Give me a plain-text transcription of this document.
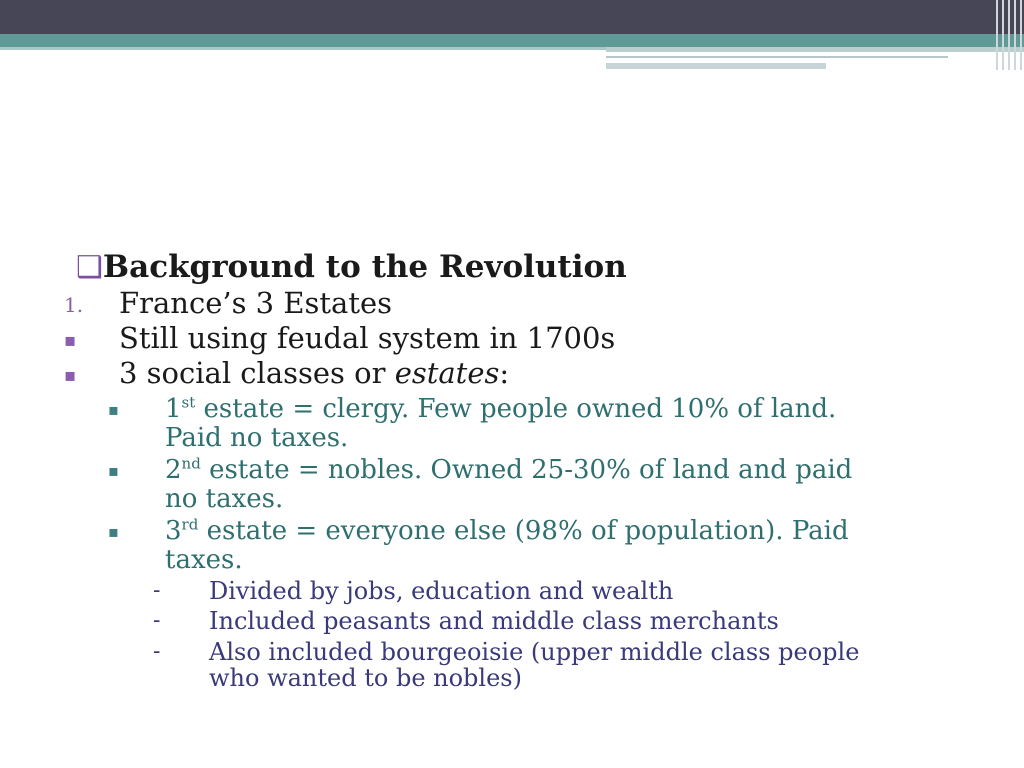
❑Background to the Revolution
1. France’s 3 Estates
▪ Still using feudal system in 1700s
▪ 3 social classes or estates:
▪ 1st estate = clergy. Few people owned 10% of land.
Paid no taxes.
▪ 2nd estate = nobles. Owned 25-30% of land and paid
no taxes.
▪ 3rd estate = everyone else (98% of population). Paid
taxes.
- Divided by jobs, education and wealth
- Included peasants and middle class merchants
- Also included bourgeoisie (upper middle class people
who wanted to be nobles)
